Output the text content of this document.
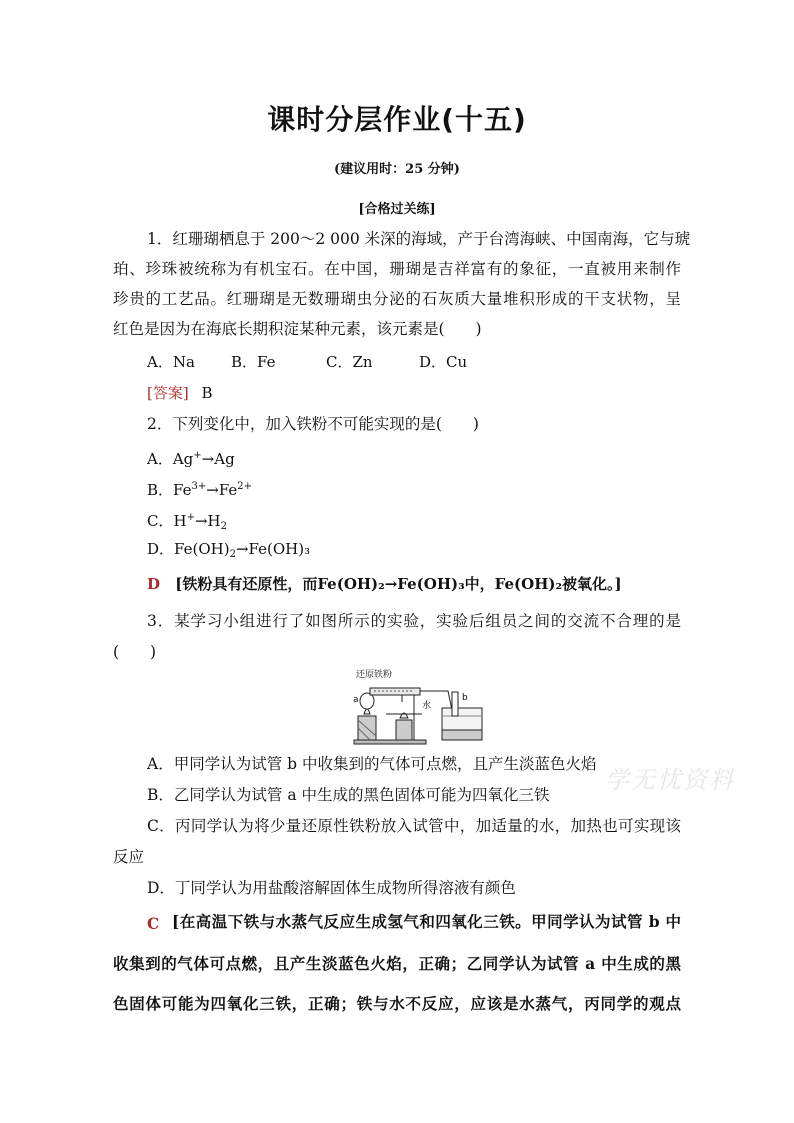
课时分层作业(十五)
(建议用时：25 分钟)
[合格过关练]
1．红珊瑚栖息于 200～2 000 米深的海域，产于台湾海峡、中国南海，它与琥
珀、珍珠被统称为有机宝石。在中国，珊瑚是吉祥富有的象征，一直被用来制作
珍贵的工艺品。红珊瑚是无数珊瑚虫分泌的石灰质大量堆积形成的干支状物，呈
红色是因为在海底长期积淀某种元素，该元素是(　　)
A．Na B．Fe	C．Zn	D．Cu
[答案] B
2．下列变化中，加入铁粉不可能实现的是(　　)
A．Ag+→Ag
B．$Fe^{3+}\to Fe^{2+}$
C．$H^+\to H_2$
D．$Fe(OH)_2\to Fe(OH)_3$
D [铁粉具有还原性，而Fe(OH)₂→Fe(OH)₃中，Fe(OH)₂被氧化。]
3．某学习小组进行了如图所示的实验，实验后组员之间的交流不合理的是
(　　)
还原铁粉
a
水
b
A．甲同学认为试管 b 中收集到的气体可点燃，且产生淡蓝色火焰
B．乙同学认为试管 a 中生成的黑色固体可能为四氧化三铁
C．丙同学认为将少量还原性铁粉放入试管中，加适量的水，加热也可实现该
反应
D．丁同学认为用盐酸溶解固体生成物所得溶液有颜色
学无忧资料
C [在高温下铁与水蒸气反应生成氢气和四氧化三铁。甲同学认为试管 b 中
收集到的气体可点燃，且产生淡蓝色火焰，正确；乙同学认为试管 a 中生成的黑
色固体可能为四氧化三铁，正确；铁与水不反应，应该是水蒸气，丙同学的观点
